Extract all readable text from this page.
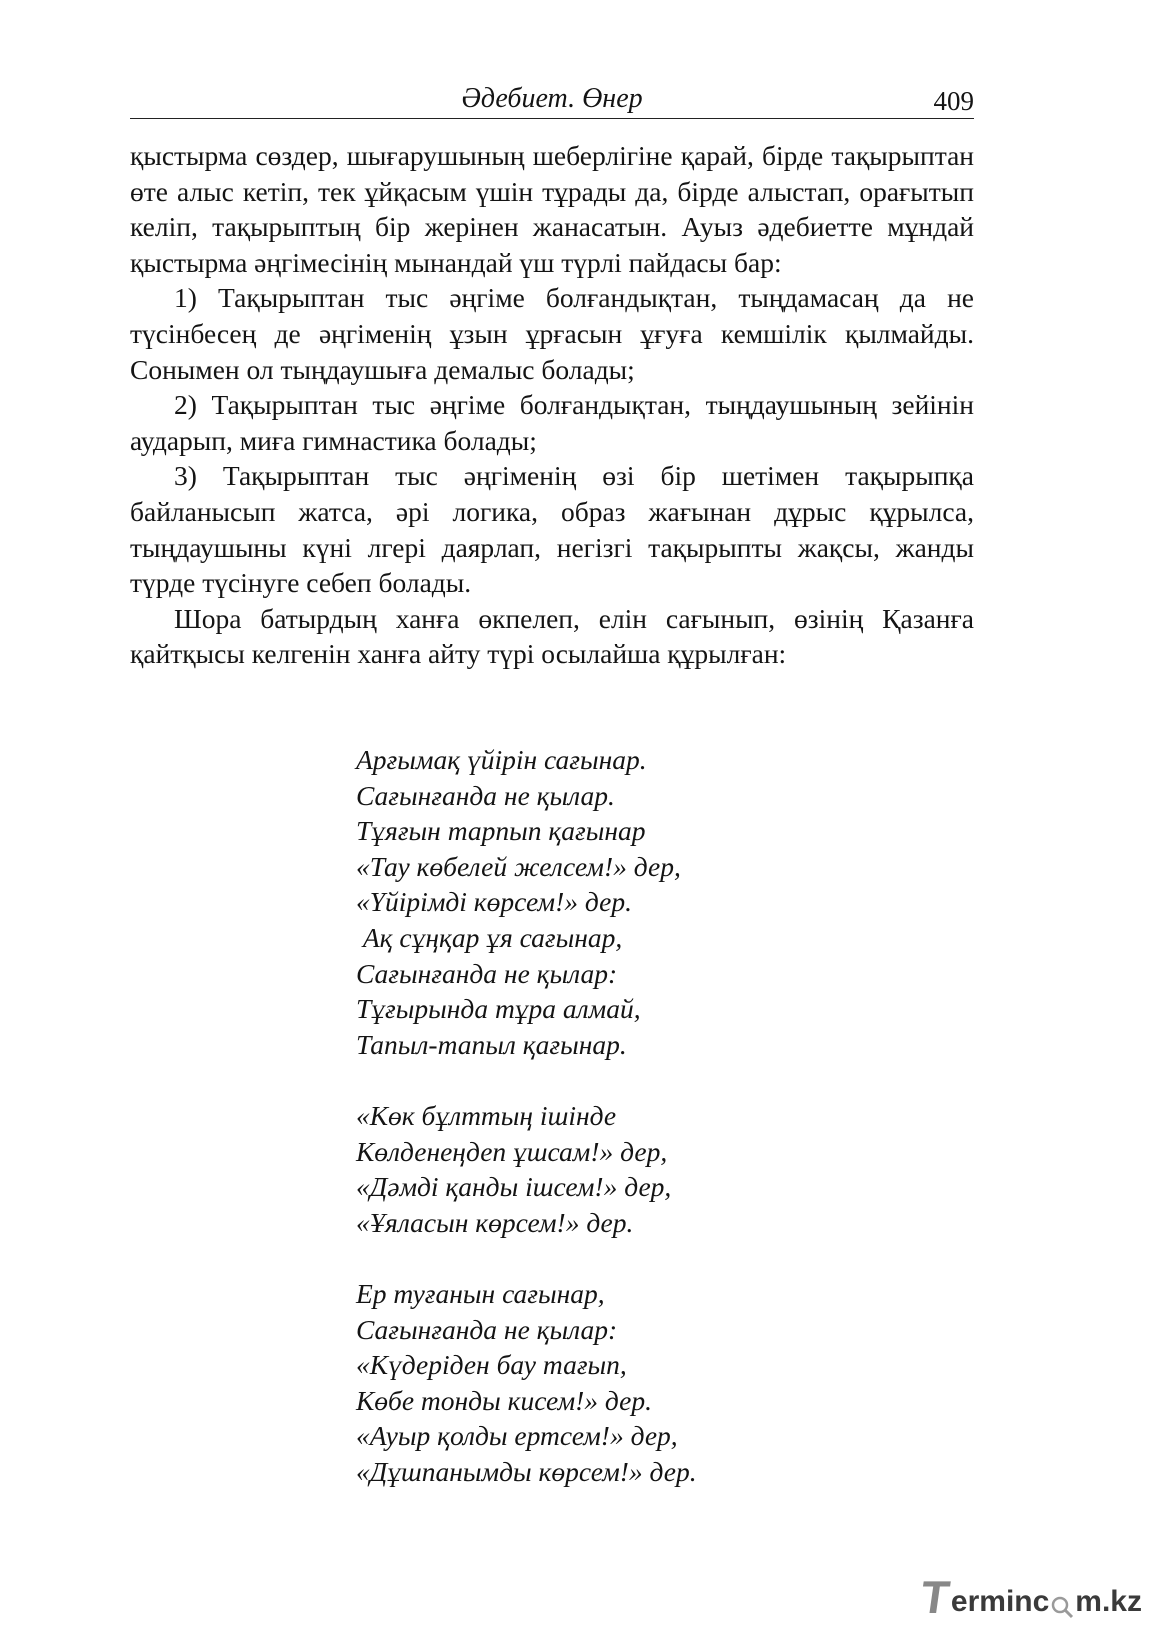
Әдебиет. Өнер	409

қыстырма сөздер, шығарушының шеберлігіне қарай, бірде тақырыптан өте алыс кетіп, тек ұйқасым үшін тұрады да, бірде алыстап, орағытып келіп, тақырыптың бір жерінен жанасатын. Ауыз әдебиетте мұндай қыстырма әңгімесінің мынандай үш түрлі пайдасы бар:

1) Тақырыптан тыс әңгіме болғандықтан, тыңдамасаң да не түсінбесең де әңгіменің ұзын ұрғасын ұғуға кемшілік қылмайды. Сонымен ол тыңдаушыға демалыс болады;

2) Тақырыптан тыс әңгіме болғандықтан, тыңдаушының зейінін аударып, миға гимнастика болады;

3) Тақырыптан тыс әңгіменің өзі бір шетімен тақырыпқа байланысып жатса, әрі логика, образ жағынан дұрыс құрылса, тыңдаушыны күні лгері даярлап, негізгі тақырыпты жақсы, жанды түрде түсінуге себеп болады.

Шора батырдың ханға өкпелеп, елін сағынып, өзінің Қазанға қайтқысы келгенін ханға айту түрі осылайша құрылған:

Арғымақ үйірін сағынар.
Сағынғанда не қылар.
Тұяғын тарпып қағынар
«Тау көбелей желсем!» дер,
«Үйірімді көрсем!» дер.
Ақ сұңқар ұя сағынар,
Сағынғанда не қылар:
Тұғырында тұра алмай,
Тапыл-тапыл қағынар.
«Көк бұлттың ішінде
Көлденеңдеп ұшсам!» дер,
«Дәмді қанды ішсем!» дер,
«Ұяласын көрсем!» дер.
Ер туғанын сағынар,
Сағынғанда не қылар:
«Күдеріден бау тағып,
Көбе тонды кисем!» дер.
«Ауыр қолды ертсем!» дер,
«Дұшпанымды көрсем!» дер.
T
ermin c m.kz
